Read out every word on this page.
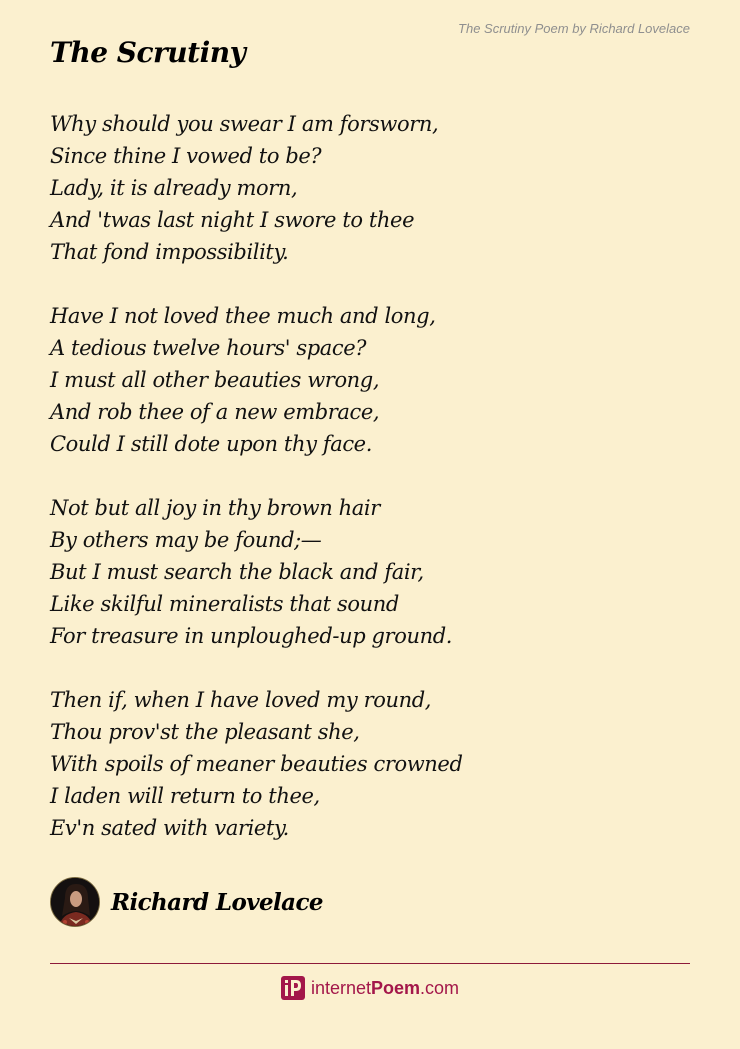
The Scrutiny Poem by Richard Lovelace
The Scrutiny

Why should you swear I am forsworn,
Since thine I vowed to be?
Lady, it is already morn,
And 'twas last night I swore to thee
That fond impossibility.

Have I not loved thee much and long,
A tedious twelve hours' space?
I must all other beauties wrong,
And rob thee of a new embrace,
Could I still dote upon thy face.

Not but all joy in thy brown hair
By others may be found;—
But I must search the black and fair,
Like skilful mineralists that sound
For treasure in unploughed-up ground.

Then if, when I have loved my round,
Thou prov'st the pleasant she,
With spoils of meaner beauties crowned
I laden will return to thee,
Ev'n sated with variety.

Richard Lovelace
internet Poem .com
